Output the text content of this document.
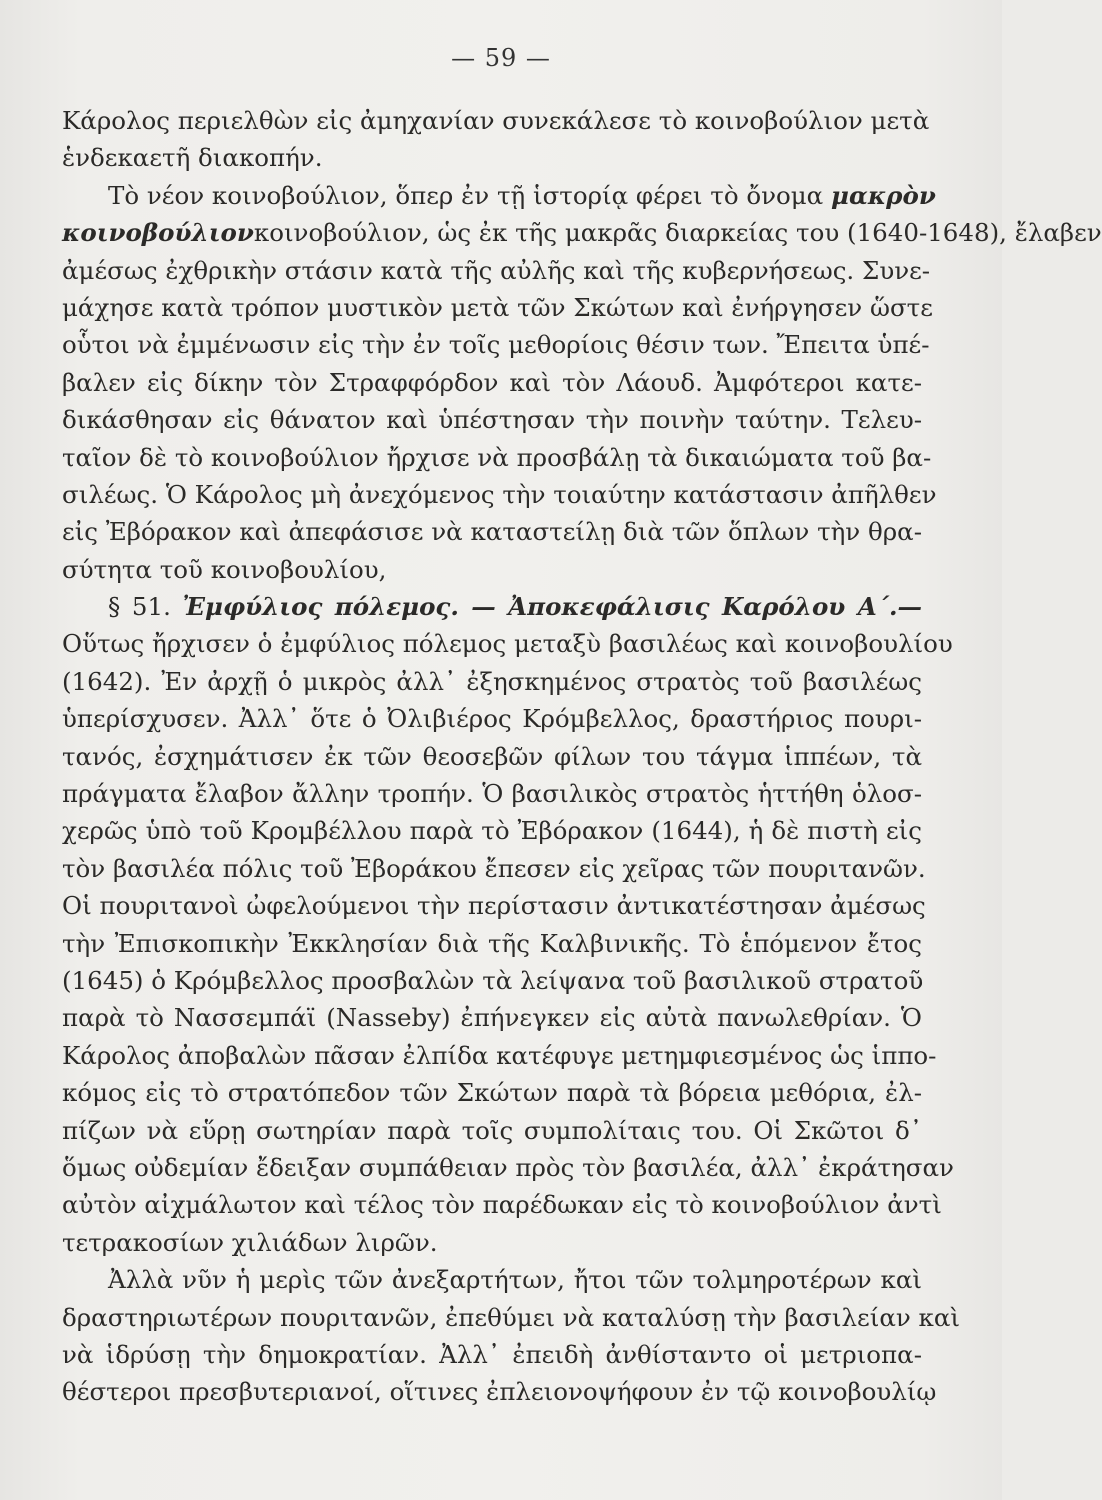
— 59 —
Κάρολος περιελθὼν εἰς ἀμηχανίαν συνεκάλεσε τὸ κοινοβούλιον μετὰ
ἑνδεκαετῆ διακοπήν.
Τὸ νέον κοινοβούλιον, ὅπερ ἐν τῇ ἱστορίᾳ φέρει τὸ ὄνομα μακρὸν
κοινοβούλιονκοινοβούλιον, ὡς ἐκ τῆς μακρᾶς διαρκείας του (1640-1648), ἔλαβεν
ἀμέσως ἐχθρικὴν στάσιν κατὰ τῆς αὐλῆς καὶ τῆς κυβερνήσεως. Συνε-
μάχησε κατὰ τρόπον μυστικὸν μετὰ τῶν Σκώτων καὶ ἐνήργησεν ὥστε
οὗτοι νὰ ἐμμένωσιν εἰς τὴν ἐν τοῖς μεθορίοις θέσιν των. Ἔπειτα ὑπέ-
βαλεν εἰς δίκην τὸν Στραφφόρδον καὶ τὸν Λάουδ. Ἀμφότεροι κατε-
δικάσθησαν εἰς θάνατον καὶ ὑπέστησαν τὴν ποινὴν ταύτην. Τελευ-
ταῖον δὲ τὸ κοινοβούλιον ἤρχισε νὰ προσβάλῃ τὰ δικαιώματα τοῦ βα-
σιλέως. Ὁ Κάρολος μὴ ἀνεχόμενος τὴν τοιαύτην κατάστασιν ἀπῆλθεν
εἰς Ἐβόρακον καὶ ἀπεφάσισε νὰ καταστείλῃ διὰ τῶν ὅπλων τὴν θρα-
σύτητα τοῦ κοινοβουλίου,
§ 51. Ἐμφύλιος πόλεμος. — Ἀποκεφάλισις Καρόλου Α΄.—
Οὕτως ἤρχισεν ὁ ἐμφύλιος πόλεμος μεταξὺ βασιλέως καὶ κοινοβουλίου
(1642). Ἐν ἀρχῇ ὁ μικρὸς ἀλλ᾽ ἐξησκημένος στρατὸς τοῦ βασιλέως
ὑπερίσχυσεν. Ἀλλ᾽ ὅτε ὁ Ὀλιβιέρος Κρόμβελλος, δραστήριος πουρι-
τανός, ἐσχημάτισεν ἐκ τῶν θεοσεβῶν φίλων του τάγμα ἱππέων, τὰ
πράγματα ἔλαβον ἄλλην τροπήν. Ὁ βασιλικὸς στρατὸς ἡττήθη ὁλοσ-
χερῶς ὑπὸ τοῦ Κρομβέλλου παρὰ τὸ Ἐβόρακον (1644), ἡ δὲ πιστὴ εἰς
τὸν βασιλέα πόλις τοῦ Ἐβοράκου ἔπεσεν εἰς χεῖρας τῶν πουριτανῶν.
Οἱ πουριτανοὶ ὠφελούμενοι τὴν περίστασιν ἀντικατέστησαν ἀμέσως
τὴν Ἐπισκοπικὴν Ἐκκλησίαν διὰ τῆς Καλβινικῆς. Τὸ ἑπόμενον ἔτος
(1645) ὁ Κρόμβελλος προσβαλὼν τὰ λείψανα τοῦ βασιλικοῦ στρατοῦ
παρὰ τὸ Νασσεμπάϊ (Nasseby) ἐπήνεγκεν εἰς αὐτὰ πανωλεθρίαν. Ὁ
Κάρολος ἀποβαλὼν πᾶσαν ἐλπίδα κατέφυγε μετημφιεσμένος ὡς ἱππο-
κόμος εἰς τὸ στρατόπεδον τῶν Σκώτων παρὰ τὰ βόρεια μεθόρια, ἐλ-
πίζων νὰ εὕρῃ σωτηρίαν παρὰ τοῖς συμπολίταις του. Οἱ Σκῶτοι δ᾽
ὅμως οὐδεμίαν ἔδειξαν συμπάθειαν πρὸς τὸν βασιλέα, ἀλλ᾽ ἐκράτησαν
αὐτὸν αἰχμάλωτον καὶ τέλος τὸν παρέδωκαν εἰς τὸ κοινοβούλιον ἀντὶ
τετρακοσίων χιλιάδων λιρῶν.
Ἀλλὰ νῦν ἡ μερὶς τῶν ἀνεξαρτήτων, ἤτοι τῶν τολμηροτέρων καὶ
δραστηριωτέρων πουριτανῶν, ἐπεθύμει νὰ καταλύσῃ τὴν βασιλείαν καὶ
νὰ ἱδρύσῃ τὴν δημοκρατίαν. Ἀλλ᾽ ἐπειδὴ ἀνθίσταντο οἱ μετριοπα-
θέστεροι πρεσβυτεριανοί, οἵτινες ἐπλειονοψήφουν ἐν τῷ κοινοβουλίῳ
